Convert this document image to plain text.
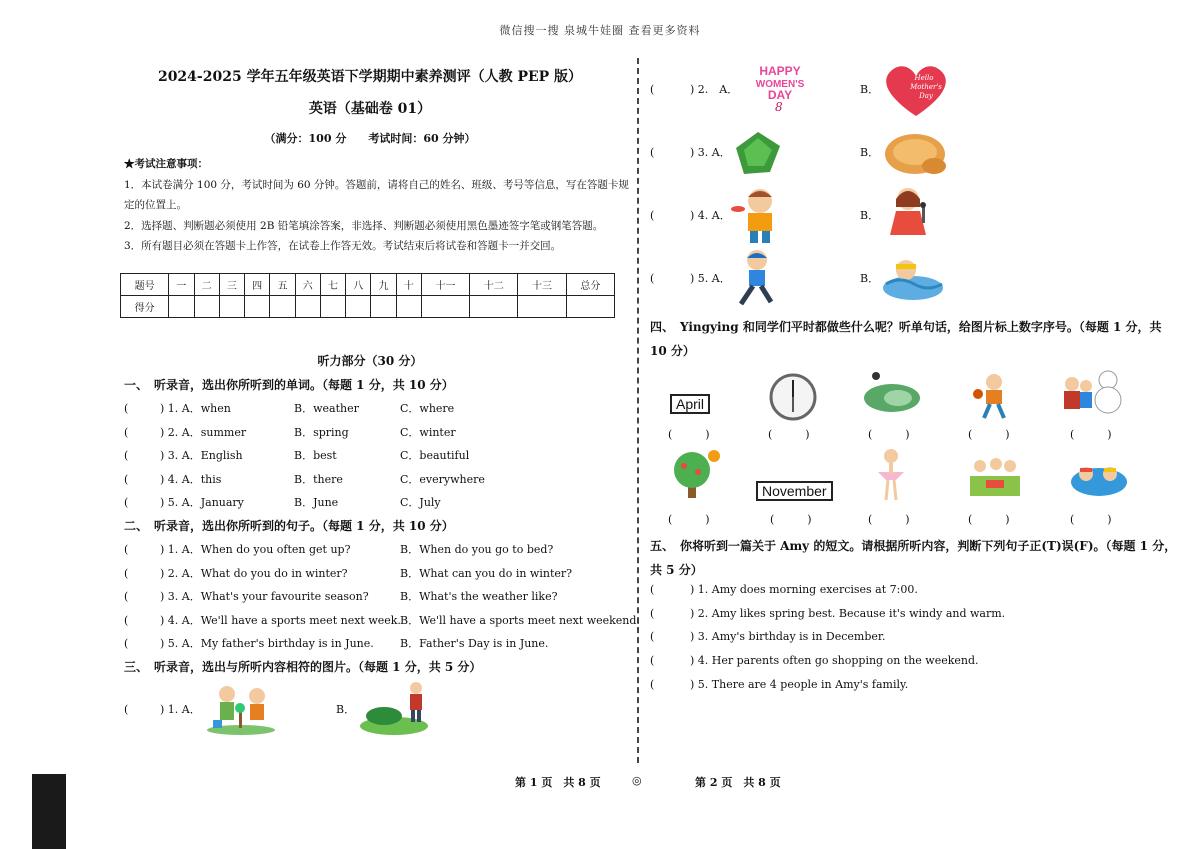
微信搜一搜 泉城牛娃圈 查看更多资料
2024-2025 学年五年级英语下学期期中素养测评（人教 PEP 版）
英语（基础卷 01）
（满分：100 分　　考试时间：60 分钟）
★考试注意事项：
1．本试卷满分 100 分，考试时间为 60 分钟。答题前，请将自己的姓名、班级、考号等信息，写在答题卡规
定的位置上。
2．选择题、判断题必须使用 2B 铅笔填涂答案，非选择、判断题必须使用黑色墨迹签字笔或钢笔答题。
3．所有题目必须在答题卡上作答，在试卷上作答无效。考试结束后将试卷和答题卡一并交回。
题号	一	二	三	四	五	六	七	八	九	十	十一	十二	十三	总分
得分														
听力部分（30 分）
一、　听录音，选出你所听到的单词。（每题 1 分，共 10 分）
(	) 1. A．when	B．weather	C．where
(	) 2. A．summer	B．spring	C．winter
(	) 3. A．English	B．best	C．beautiful
(	) 4. A．this	B．there	C．everywhere
(	) 5. A．January	B．June	C．July
二、　听录音，选出你所听到的句子。（每题 1 分，共 10 分）
(	) 1. A．When do you often get up?	B．When do you go to bed?
(	) 2. A．What do you do in winter?	B．What can you do in winter?
(	) 3. A．What's your favourite season?	B．What's the weather like?
(	) 4. A．We'll have a sports meet next week.B．We'll have a sports meet next weekend.
(	) 5. A．My father's birthday is in June. B．Father's Day is in June.
三、　听录音，选出与所听内容相符的图片。（每题 1 分，共 5 分）
(	) 1. A．	B．
(	) 2.　A．	B．
(	) 3. A．	B．
(	) 4. A．	B．
(	) 5. A．	B．
HAPPY
WOMEN'S
DAY
8
Hello
Mother's
Day
四、　Yingying 和同学们平时都做些什么呢？听单句话，给图片标上数字序号。（每题 1 分，共
10 分）
April
(　　　)	(　　　)	(　　　)	(　　　)	(　　　)
November
(　　　)	(　　　)	(　　　)	(　　　)	(　　　)
五、　你将听到一篇关于 Amy 的短文。请根据所听内容，判断下列句子正(T)误(F)。（每题 1 分，
共 5 分）
(	) 1. Amy does morning exercises at 7:00.
(	) 2. Amy likes spring best. Because it's windy and warm.
(	) 3. Amy's birthday is in December.
(	) 4. Her parents often go shopping on the weekend.
(	) 5. There are 4 people in Amy's family.
第 1 页　共 8 页	◎	第 2 页　共 8 页
